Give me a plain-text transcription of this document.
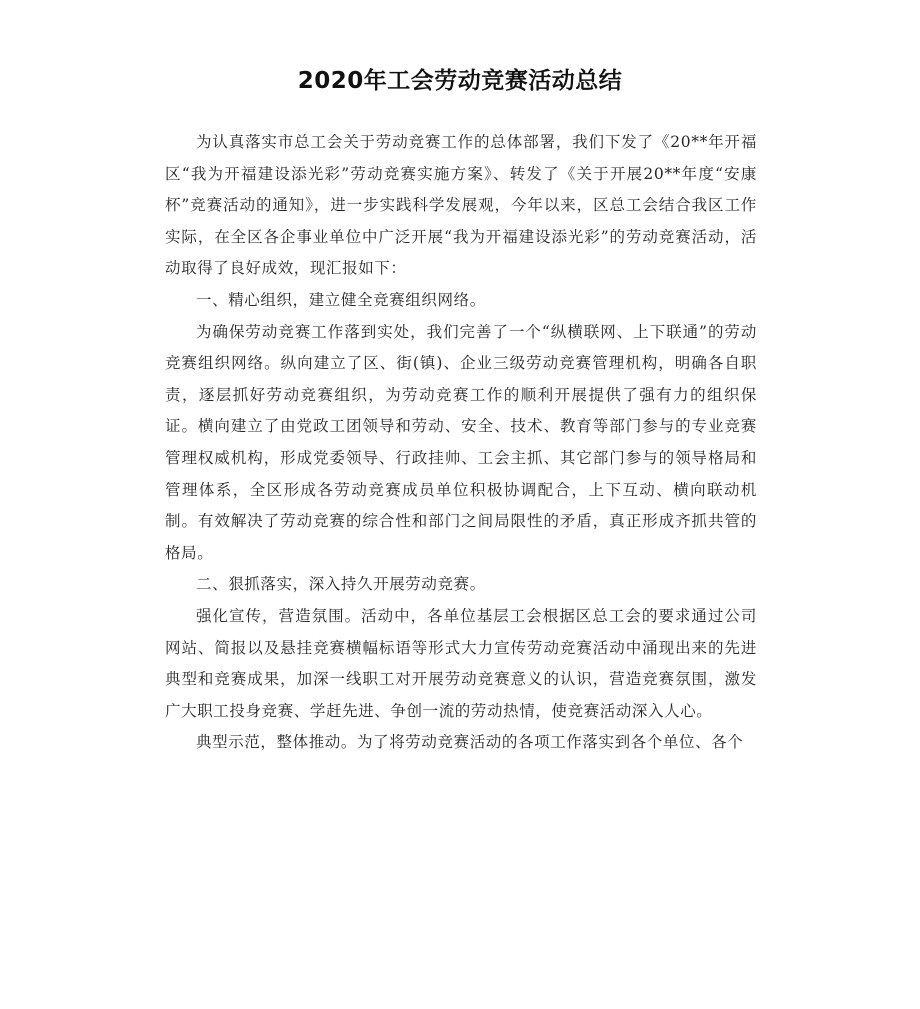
2020年工会劳动竞赛活动总结

为认真落实市总工会关于劳动竞赛工作的总体部署，我们下发了《20**年开福区“我为开福建设添光彩”劳动竞赛实施方案》、转发了《关于开展20**年度“安康杯”竞赛活动的通知》，进一步实践科学发展观，今年以来，区总工会结合我区工作实际，在全区各企事业单位中广泛开展“我为开福建设添光彩”的劳动竞赛活动，活动取得了良好成效，现汇报如下：

一、精心组织，建立健全竞赛组织网络。

为确保劳动竞赛工作落到实处，我们完善了一个“纵横联网、上下联通”的劳动竞赛组织网络。纵向建立了区、街(镇)、企业三级劳动竞赛管理机构，明确各自职责，逐层抓好劳动竞赛组织，为劳动竞赛工作的顺利开展提供了强有力的组织保证。横向建立了由党政工团领导和劳动、安全、技术、教育等部门参与的专业竞赛管理权威机构，形成党委领导、行政挂帅、工会主抓、其它部门参与的领导格局和管理体系，全区形成各劳动竞赛成员单位积极协调配合，上下互动、横向联动机制。有效解决了劳动竞赛的综合性和部门之间局限性的矛盾，真正形成齐抓共管的格局。

二、狠抓落实，深入持久开展劳动竞赛。

强化宣传，营造氛围。活动中，各单位基层工会根据区总工会的要求通过公司网站、简报以及悬挂竞赛横幅标语等形式大力宣传劳动竞赛活动中涌现出来的先进典型和竞赛成果，加深一线职工对开展劳动竞赛意义的认识，营造竞赛氛围，激发广大职工投身竞赛、学赶先进、争创一流的劳动热情，使竞赛活动深入人心。

典型示范，整体推动。为了将劳动竞赛活动的各项工作落实到各个单位、各个
